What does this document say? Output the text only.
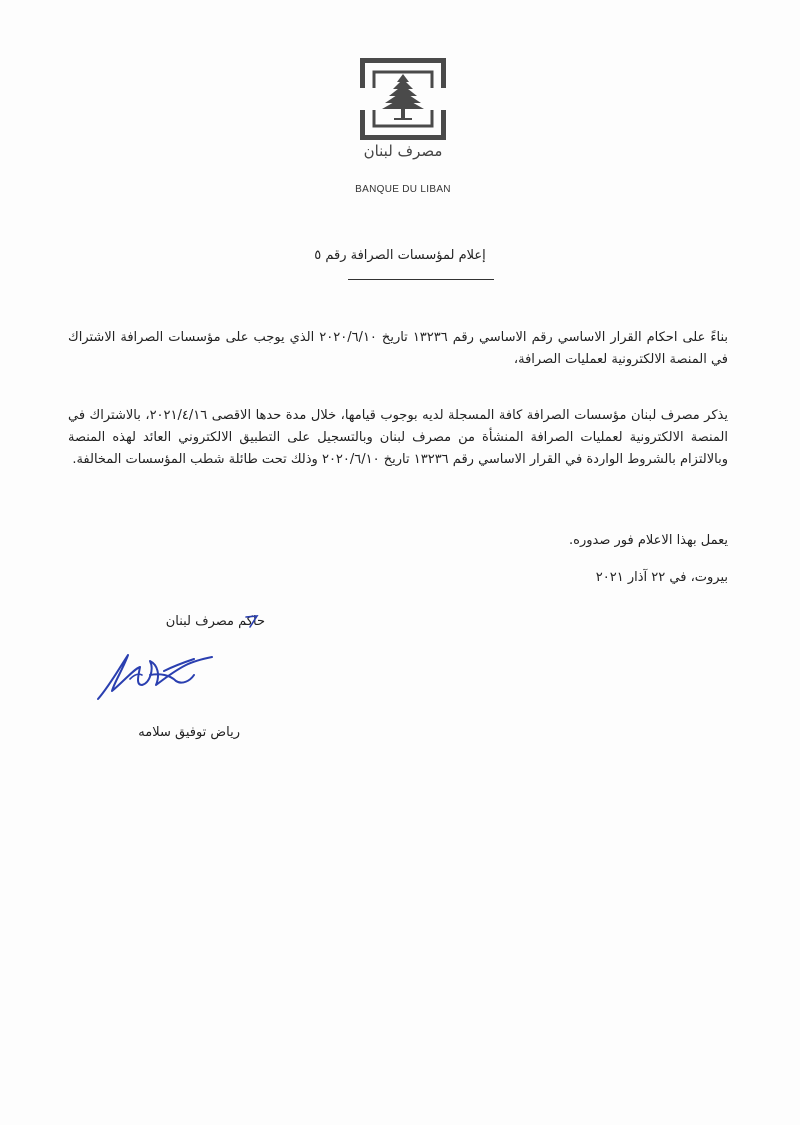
مصرف لبنان
BANQUE DU LIBAN
إعلام لمؤسسات الصرافة رقم ٥
بناءً على احكام القرار الاساسي رقم الاساسي رقم ١٣٢٣٦ تاريخ ٢٠٢٠/٦/١٠ الذي يوجب على مؤسسات الصرافة الاشتراك في المنصة الالكترونية لعمليات الصرافة،
يذكر مصرف لبنان مؤسسات الصرافة كافة المسجلة لديه بوجوب قيامها، خلال مدة حدها الاقصى ٢٠٢١/٤/١٦، بالاشتراك في المنصة الالكترونية لعمليات الصرافة المنشأة من مصرف لبنان وبالتسجيل على التطبيق الالكتروني العائد لهذه المنصة وبالالتزام بالشروط الواردة في القرار الاساسي رقم ١٣٢٣٦ تاريخ ٢٠٢٠/٦/١٠ وذلك تحت طائلة شطب المؤسسات المخالفة.
يعمل بهذا الاعلام فور صدوره.
بيروت، في ٢٢ آذار ٢٠٢١
حاكم مصرف لبنان
رياض توفيق سلامه
